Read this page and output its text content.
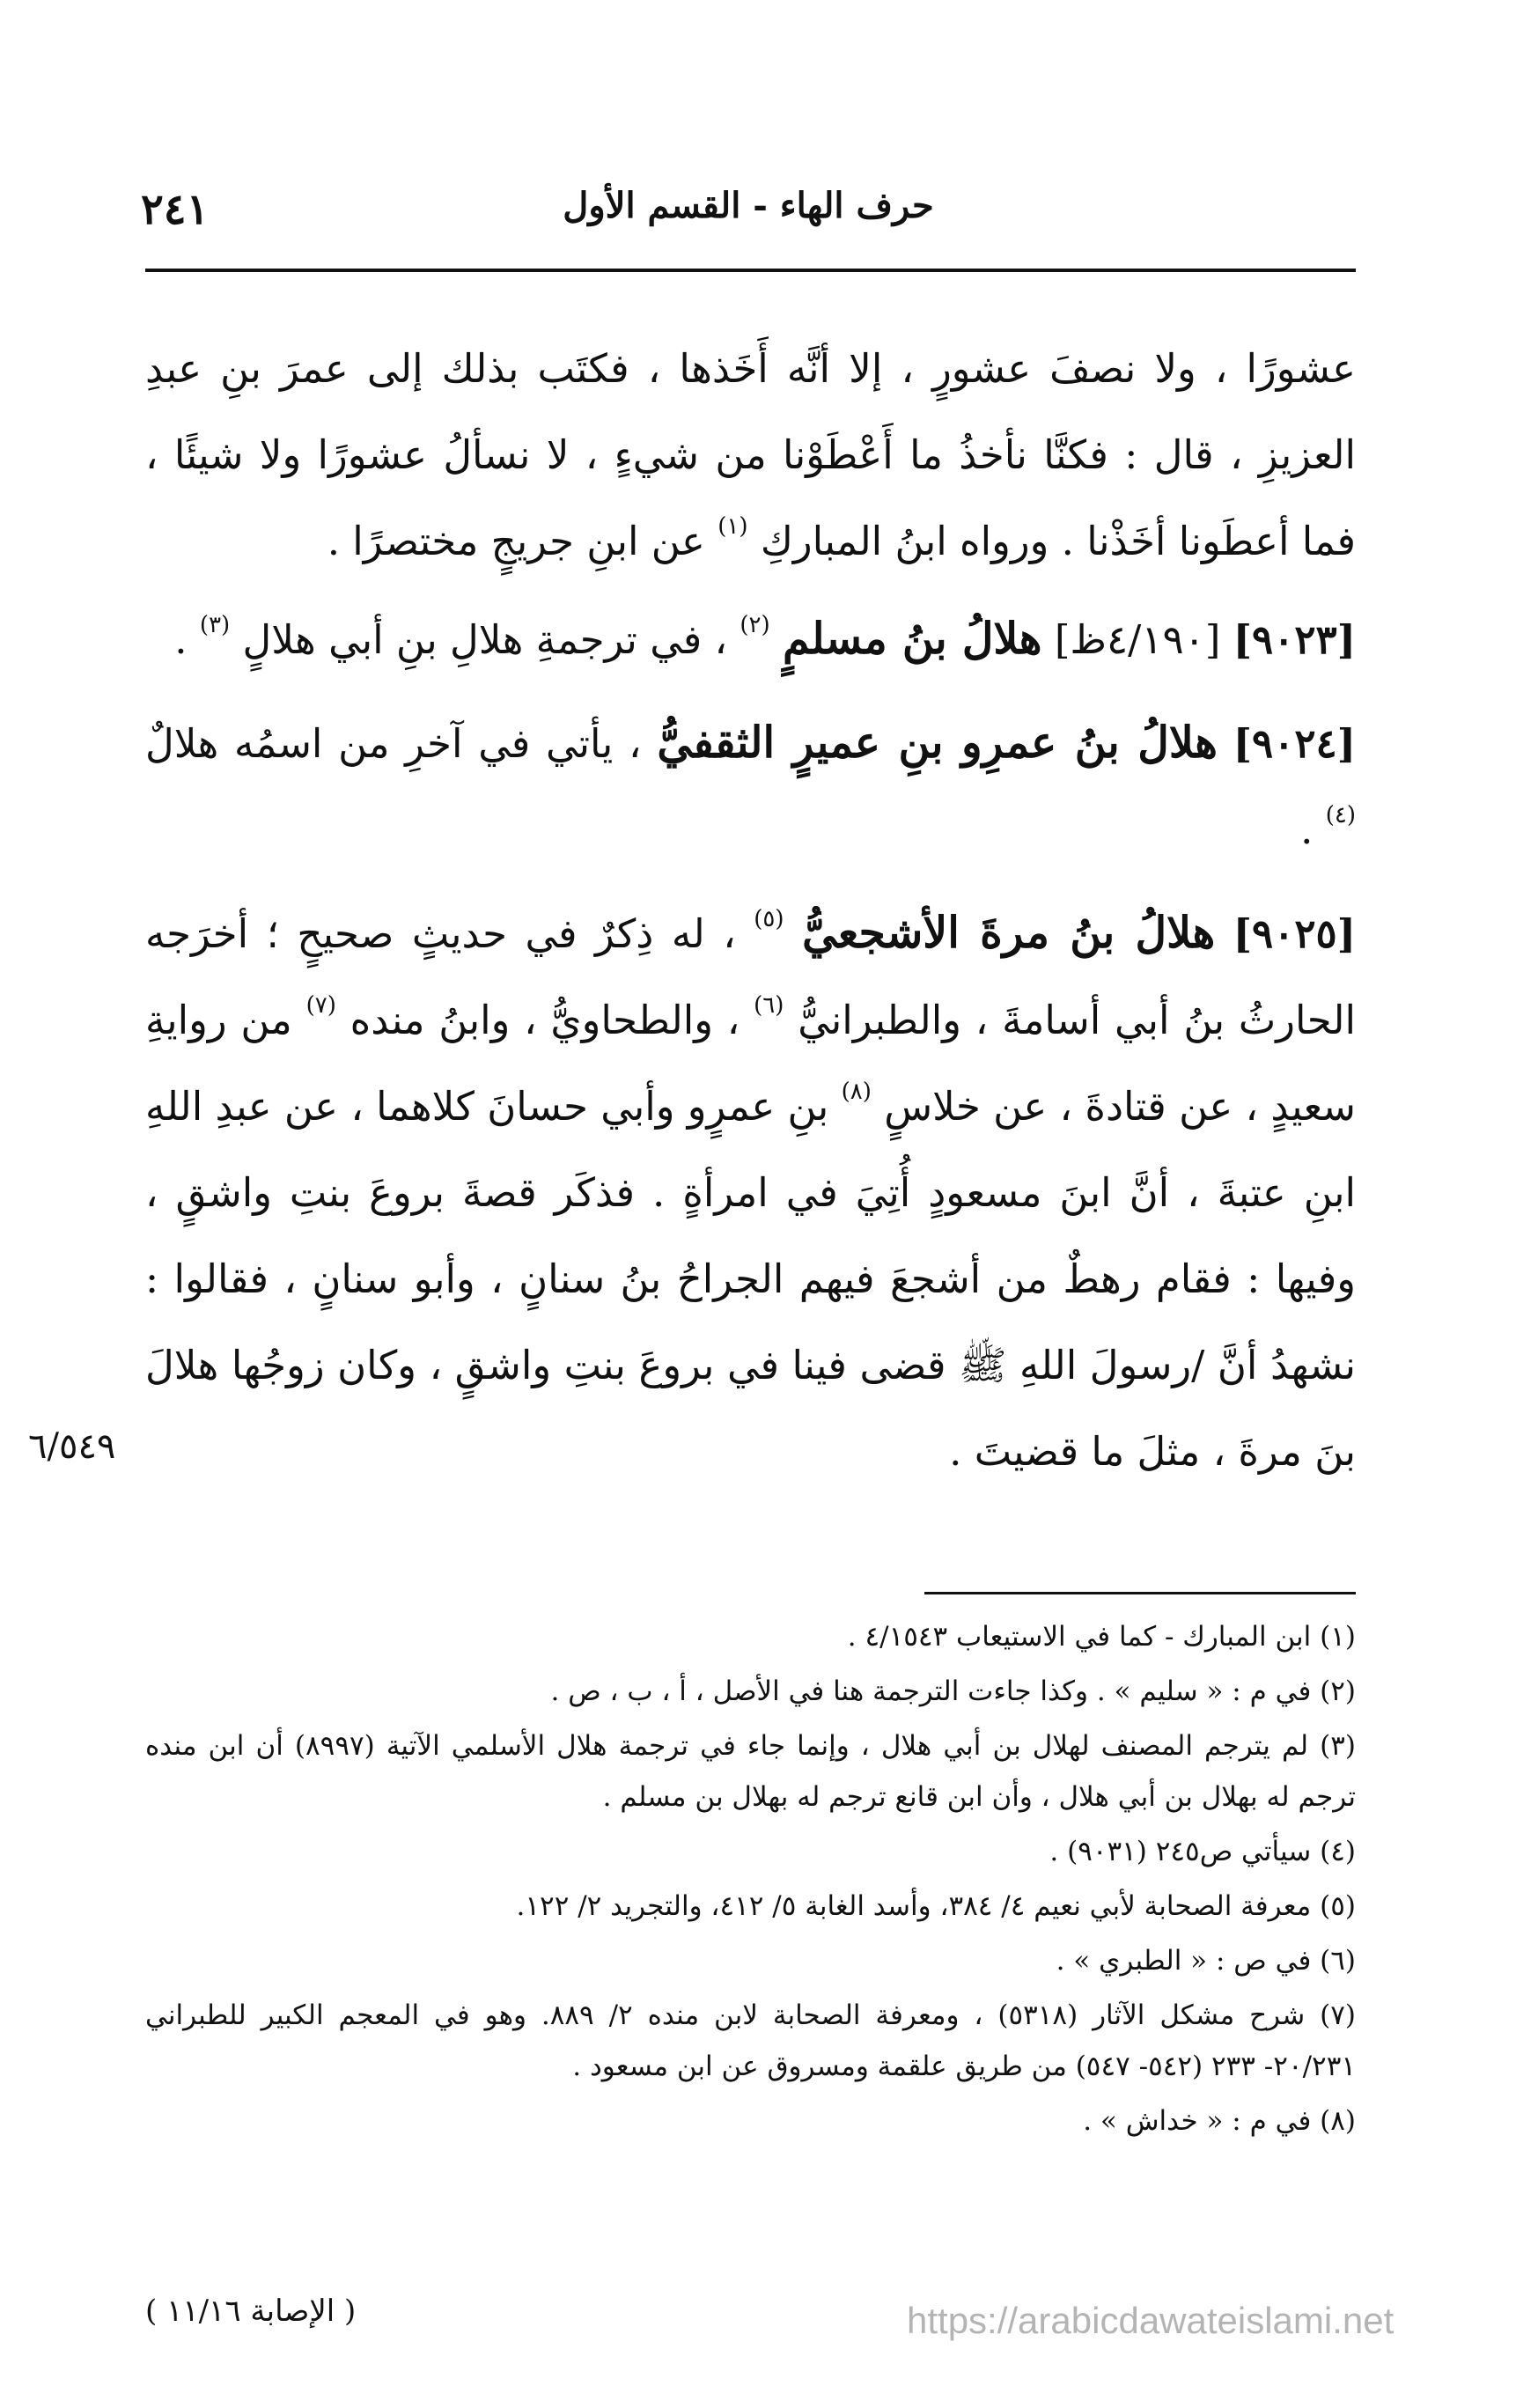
حرف الهاء - القسم الأول
٢٤١

عشورًا ، ولا نصفَ عشورٍ ، إلا أنَّه أَخَذها ، فكتَب بذلك إلى عمرَ بنِ عبدِ العزيزِ ، قال : فكنَّا نأخذُ ما أَعْطَوْنا من شيءٍ ، لا نسألُ عشورًا ولا شيئًا ، فما أعطَونا أخَذْنا . ورواه ابنُ المباركِ $^{(١)}$ عن ابنِ جريجٍ مختصرًا .

[٩٠٢٣] [٤/١٩٠ظ] هلالُ بنُ مسلمٍ $^{(٢)}$ ، في ترجمةِ هلالِ بنِ أبي هلالٍ $^{(٣)}$ .

[٩٠٢٤] هلالُ بنُ عمرِو بنِ عميرٍ الثقفيُّ ، يأتي في آخرِ من اسمُه هلالٌ $^{(٤)}$ .

[٩٠٢٥] هلالُ بنُ مرةَ الأشجعيُّ $^{(٥)}$ ، له ذِكرٌ في حديثٍ صحيحٍ ؛ أخرَجه الحارثُ بنُ أبي أسامةَ ، والطبرانيُّ $^{(٦)}$ ، والطحاويُّ ، وابنُ منده $^{(٧)}$ من روايةِ سعيدٍ ، عن قتادةَ ، عن خلاسٍ $^{(٨)}$ بنِ عمرٍو وأبي حسانَ كلاهما ، عن عبدِ اللهِ ابنِ عتبةَ ، أنَّ ابنَ مسعودٍ أُتِيَ في امرأةٍ . فذكَر قصةَ بروعَ بنتِ واشقٍ ، وفيها : فقام رهطٌ من أشجعَ فيهم الجراحُ بنُ سنانٍ ، وأبو سنانٍ ، فقالوا : نشهدُ أنَّ /رسولَ اللهِ ﷺ قضى فينا في بروعَ بنتِ واشقٍ ، وكان زوجُها هلالَ بنَ مرةَ ، مثلَ ما قضيتَ .

٦/٥٤٩

(١) ابن المبارك - كما في الاستيعاب ٤/١٥٤٣ .

(٢) في م : « سليم » . وكذا جاءت الترجمة هنا في الأصل ، أ ، ب ، ص .

(٣) لم يترجم المصنف لهلال بن أبي هلال ، وإنما جاء في ترجمة هلال الأسلمي الآتية (٨٩٩٧) أن ابن منده ترجم له بهلال بن أبي هلال ، وأن ابن قانع ترجم له بهلال بن مسلم .

(٤) سيأتي ص٢٤٥ (٩٠٣١) .

(٥) معرفة الصحابة لأبي نعيم ٤/ ٣٨٤، وأسد الغابة ٥/ ٤١٢، والتجريد ٢/ ١٢٢.

(٦) في ص : « الطبري » .

(٧) شرح مشكل الآثار (٥٣١٨) ، ومعرفة الصحابة لابن منده ٢/ ٨٨٩. وهو في المعجم الكبير للطبراني ٢٠/٢٣١- ٢٣٣ (٥٤٢- ٥٤٧) من طريق علقمة ومسروق عن ابن مسعود .

(٨) في م : « خداش » .

( الإصابة ١١/١٦ )	https://arabicdawateislami.net
